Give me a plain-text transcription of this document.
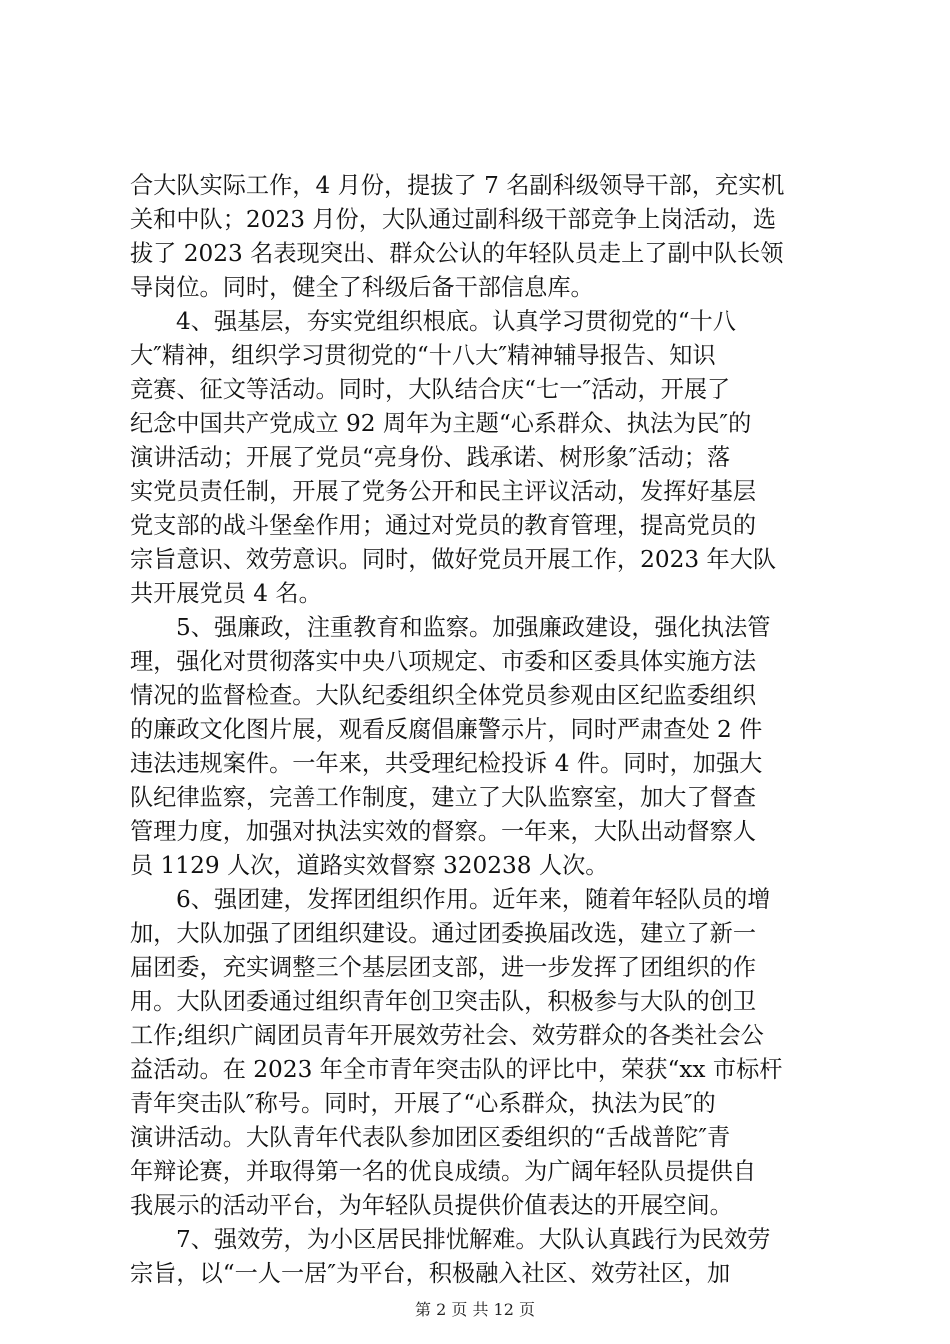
合大队实际工作，4 月份，提拔了 7 名副科级领导干部，充实机
关和中队；2023 月份，大队通过副科级干部竞争上岗活动，选
拔了 2023 名表现突出、群众公认的年轻队员走上了副中队长领
导岗位。同时，健全了科级后备干部信息库。
4、强基层，夯实党组织根底。认真学习贯彻党的“十八
大″精神，组织学习贯彻党的“十八大″精神辅导报告、知识
竞赛、征文等活动。同时，大队结合庆“七一″活动，开展了
纪念中国共产党成立 92 周年为主题“心系群众、执法为民″的
演讲活动；开展了党员“亮身份、践承诺、树形象″活动；落
实党员责任制，开展了党务公开和民主评议活动，发挥好基层
党支部的战斗堡垒作用；通过对党员的教育管理，提高党员的
宗旨意识、效劳意识。同时，做好党员开展工作，2023 年大队
共开展党员 4 名。
5、强廉政，注重教育和监察。加强廉政建设，强化执法管
理，强化对贯彻落实中央八项规定、市委和区委具体实施方法
情况的监督检查。大队纪委组织全体党员参观由区纪监委组织
的廉政文化图片展，观看反腐倡廉警示片，同时严肃查处 2 件
违法违规案件。一年来，共受理纪检投诉 4 件。同时，加强大
队纪律监察，完善工作制度，建立了大队监察室，加大了督查
管理力度，加强对执法实效的督察。一年来，大队出动督察人
员 1129 人次，道路实效督察 320238 人次。
6、强团建，发挥团组织作用。近年来，随着年轻队员的增
加，大队加强了团组织建设。通过团委换届改选，建立了新一
届团委，充实调整三个基层团支部，进一步发挥了团组织的作
用。大队团委通过组织青年创卫突击队，积极参与大队的创卫
工作;组织广阔团员青年开展效劳社会、效劳群众的各类社会公
益活动。在 2023 年全市青年突击队的评比中，荣获“xx 市标杆
青年突击队″称号。同时，开展了“心系群众，执法为民″的
演讲活动。大队青年代表队参加团区委组织的“舌战普陀″青
年辩论赛，并取得第一名的优良成绩。为广阔年轻队员提供自
我展示的活动平台，为年轻队员提供价值表达的开展空间。
7、强效劳，为小区居民排忧解难。大队认真践行为民效劳
宗旨，以“一人一居″为平台，积极融入社区、效劳社区，加
第 2 页 共 12 页
